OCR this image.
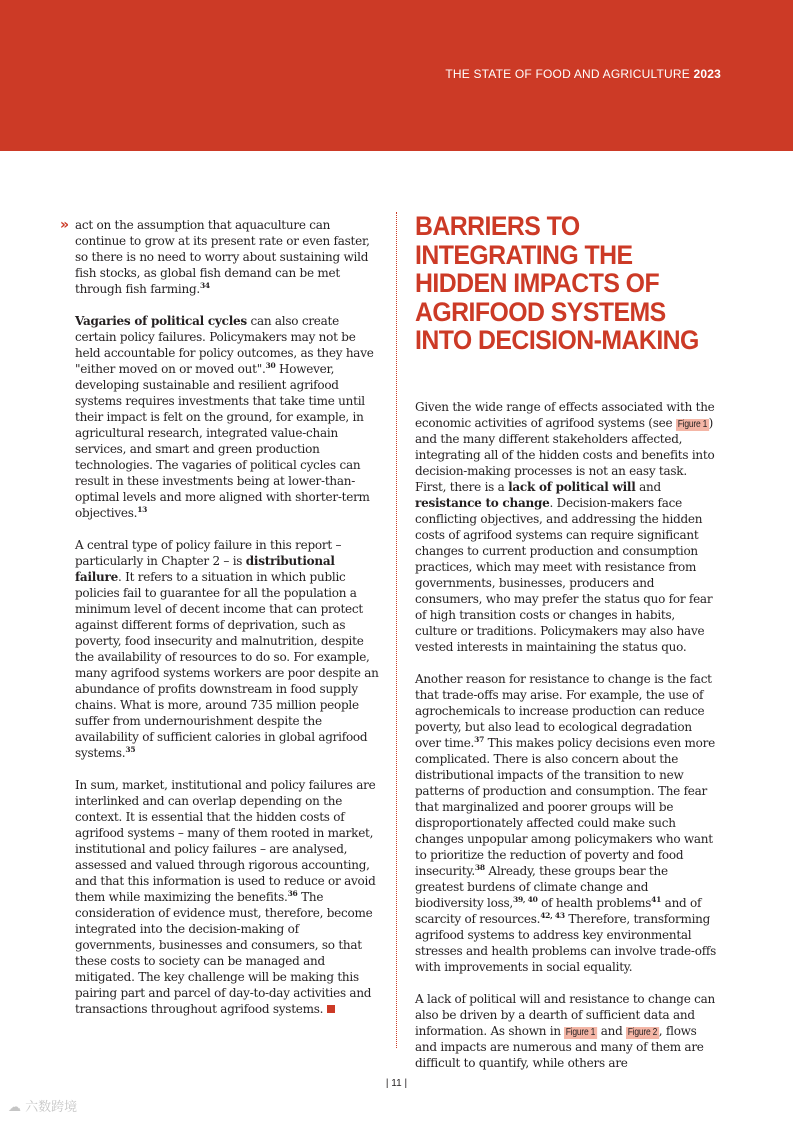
THE STATE OF FOOD AND AGRICULTURE 2023
» act on the assumption that aquaculture can continue to grow at its present rate or even faster, so there is no need to worry about sustaining wild fish stocks, as global fish demand can be met through fish farming.$^{34}$

Vagaries of political cycles can also create certain policy failures. Policymakers may not be held accountable for policy outcomes, as they have "either moved on or moved out".$^{30}$ However, developing sustainable and resilient agrifood systems requires investments that take time until their impact is felt on the ground, for example, in agricultural research, integrated value-chain services, and smart and green production technologies. The vagaries of political cycles can result in these investments being at lower-than-optimal levels and more aligned with shorter-term objectives.$^{13}$

A central type of policy failure in this report – particularly in Chapter 2 – is distributional failure. It refers to a situation in which public policies fail to guarantee for all the population a minimum level of decent income that can protect against different forms of deprivation, such as poverty, food insecurity and malnutrition, despite the availability of resources to do so. For example, many agrifood systems workers are poor despite an abundance of profits downstream in food supply chains. What is more, around 735 million people suffer from undernourishment despite the availability of sufficient calories in global agrifood systems.$^{35}$

In sum, market, institutional and policy failures are interlinked and can overlap depending on the context. It is essential that the hidden costs of agrifood systems – many of them rooted in market, institutional and policy failures – are analysed, assessed and valued through rigorous accounting, and that this information is used to reduce or avoid them while maximizing the benefits.$^{36}$ The consideration of evidence must, therefore, become integrated into the decision-making of governments, businesses and consumers, so that these costs to society can be managed and mitigated. The key challenge will be making this pairing part and parcel of day-to-day activities and transactions throughout agrifood systems.

BARRIERS TO INTEGRATING THE HIDDEN IMPACTS OF AGRIFOOD SYSTEMS INTO DECISION-MAKING

Given the wide range of effects associated with the economic activities of agrifood systems (see Figure 1 ) and the many different stakeholders affected, integrating all of the hidden costs and benefits into decision-making processes is not an easy task. First, there is a lack of political will and resistance to change. Decision-makers face conflicting objectives, and addressing the hidden costs of agrifood systems can require significant changes to current production and consumption practices, which may meet with resistance from governments, businesses, producers and consumers, who may prefer the status quo for fear of high transition costs or changes in habits, culture or traditions. Policymakers may also have vested interests in maintaining the status quo.

Another reason for resistance to change is the fact that trade-offs may arise. For example, the use of agrochemicals to increase production can reduce poverty, but also lead to ecological degradation over time.$^{37}$ This makes policy decisions even more complicated. There is also concern about the distributional impacts of the transition to new patterns of production and consumption. The fear that marginalized and poorer groups will be disproportionately affected could make such changes unpopular among policymakers who want to prioritize the reduction of poverty and food insecurity.$^{38}$ Already, these groups bear the greatest burdens of climate change and biodiversity loss,$^{39, 40}$ of health problems$^{41}$ and of scarcity of resources.$^{42, 43}$ Therefore, transforming agrifood systems to address key environmental stresses and health problems can involve trade-offs with improvements in social equality.

A lack of political will and resistance to change can also be driven by a dearth of sufficient data and information. As shown in Figure 1 and Figure 2 , flows and impacts are numerous and many of them are difficult to quantify, while others are

| 11 |
☁ 六数跨境
